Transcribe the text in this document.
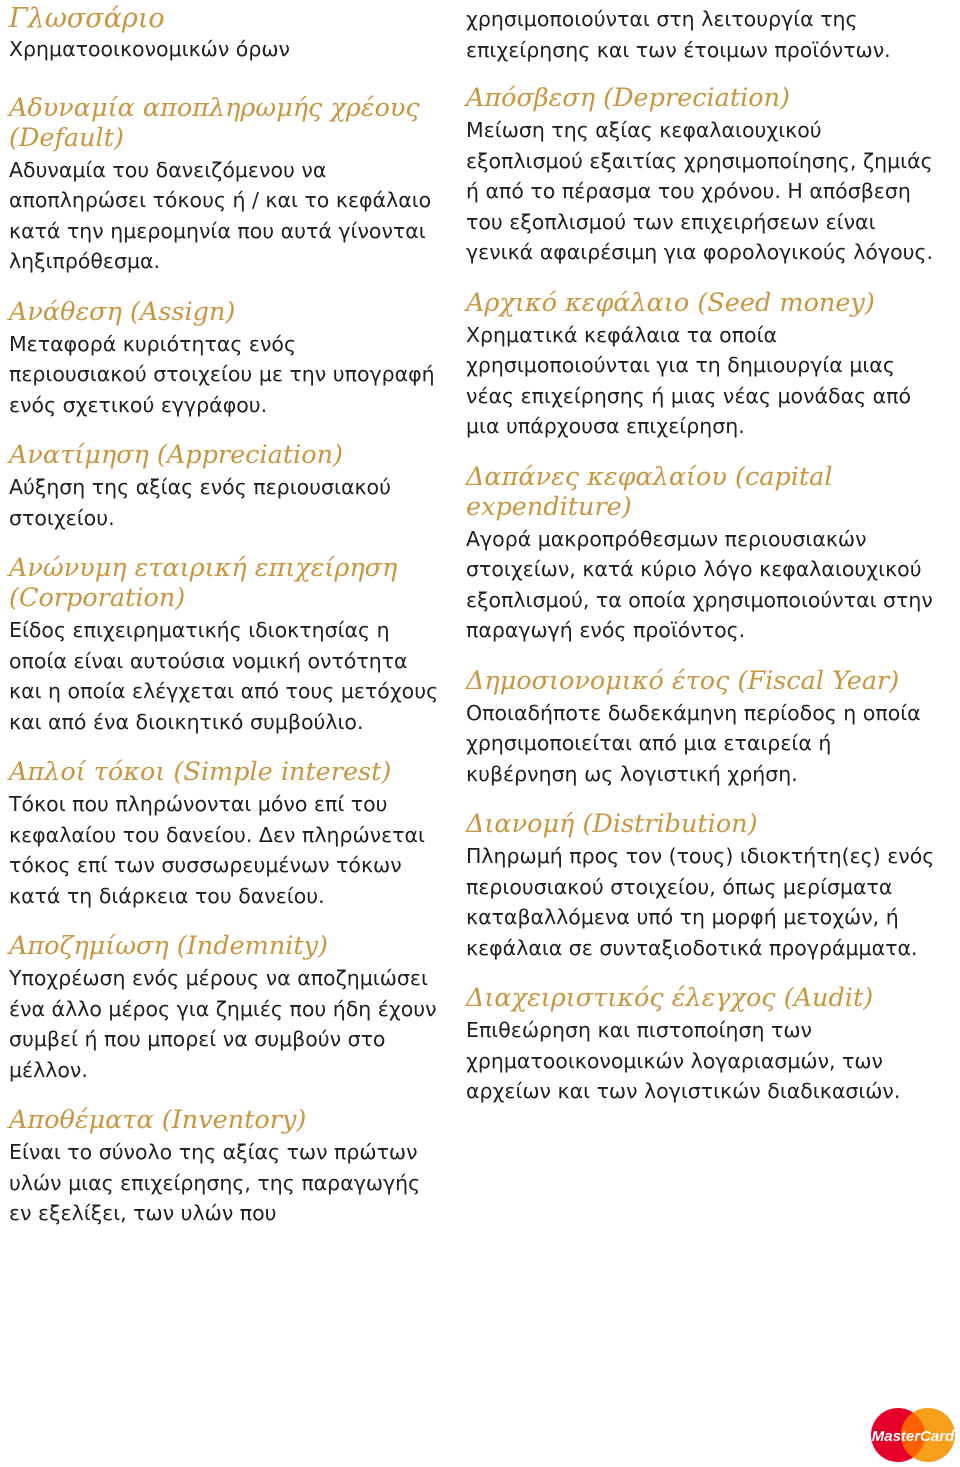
Γλωσσάριο

Χρηματοοικονομικών όρων

Αδυναμία αποπληρωμής χρέους (Default)

Αδυναμία του δανειζόμενου να αποπληρώσει τόκους ή / και το κεφάλαιο κατά την ημερομηνία που αυτά γίνονται ληξιπρόθεσμα.

Ανάθεση (Assign)

Μεταφορά κυριότητας ενός περιουσιακού στοιχείου με την υπογραφή ενός σχετικού εγγράφου.

Ανατίμηση (Appreciation)

Αύξηση της αξίας ενός περιουσιακού στοιχείου.

Ανώνυμη εταιρική επιχείρηση (Corporation)

Είδος επιχειρηματικής ιδιοκτησίας η οποία είναι αυτούσια νομική οντότητα και η οποία ελέγχεται από τους μετόχους και από ένα διοικητικό συμβούλιο.

Απλοί τόκοι (Simple interest)

Τόκοι που πληρώνονται μόνο επί του κεφαλαίου του δανείου. Δεν πληρώνεται τόκος επί των συσσωρευμένων τόκων κατά τη διάρκεια του δανείου.

Αποζημίωση (Indemnity)

Υποχρέωση ενός μέρους να αποζημιώσει ένα άλλο μέρος για ζημιές που ήδη έχουν συμβεί ή που μπορεί να συμβούν στο μέλλον.

Αποθέματα (Inventory)

Είναι το σύνολο της αξίας των πρώτων υλών μιας επιχείρησης, της παραγωγής εν εξελίξει, των υλών που

χρησιμοποιούνται στη λειτουργία της επιχείρησης και των έτοιμων προϊόντων.

Απόσβεση (Depreciation)

Μείωση της αξίας κεφαλαιουχικού εξοπλισμού εξαιτίας χρησιμοποίησης, ζημιάς ή από το πέρασμα του χρόνου. Η απόσβεση του εξοπλισμού των επιχειρήσεων είναι γενικά αφαιρέσιμη για φορολογικούς λόγους.

Αρχικό κεφάλαιο (Seed money)

Χρηματικά κεφάλαια τα οποία χρησιμοποιούνται για τη δημιουργία μιας νέας επιχείρησης ή μιας νέας μονάδας από μια υπάρχουσα επιχείρηση.

Δαπάνες κεφαλαίου (capital expenditure)

Αγορά μακροπρόθεσμων περιουσιακών στοιχείων, κατά κύριο λόγο κεφαλαιουχικού εξοπλισμού, τα οποία χρησιμοποιούνται στην παραγωγή ενός προϊόντος.

Δημοσιονομικό έτος (Fiscal Year)

Οποιαδήποτε δωδεκάμηνη περίοδος η οποία χρησιμοποιείται από μια εταιρεία ή κυβέρνηση ως λογιστική χρήση.

Διανομή (Distribution)

Πληρωμή προς τον (τους) ιδιοκτήτη(ες) ενός περιουσιακού στοιχείου, όπως μερίσματα καταβαλλόμενα υπό τη μορφή μετοχών, ή κεφάλαια σε συνταξιοδοτικά προγράμματα.

Διαχειριστικός έλεγχος (Audit)

Επιθεώρηση και πιστοποίηση των χρηματοοικονομικών λογαριασμών, των αρχείων και των λογιστικών διαδικασιών.

MasterCard
